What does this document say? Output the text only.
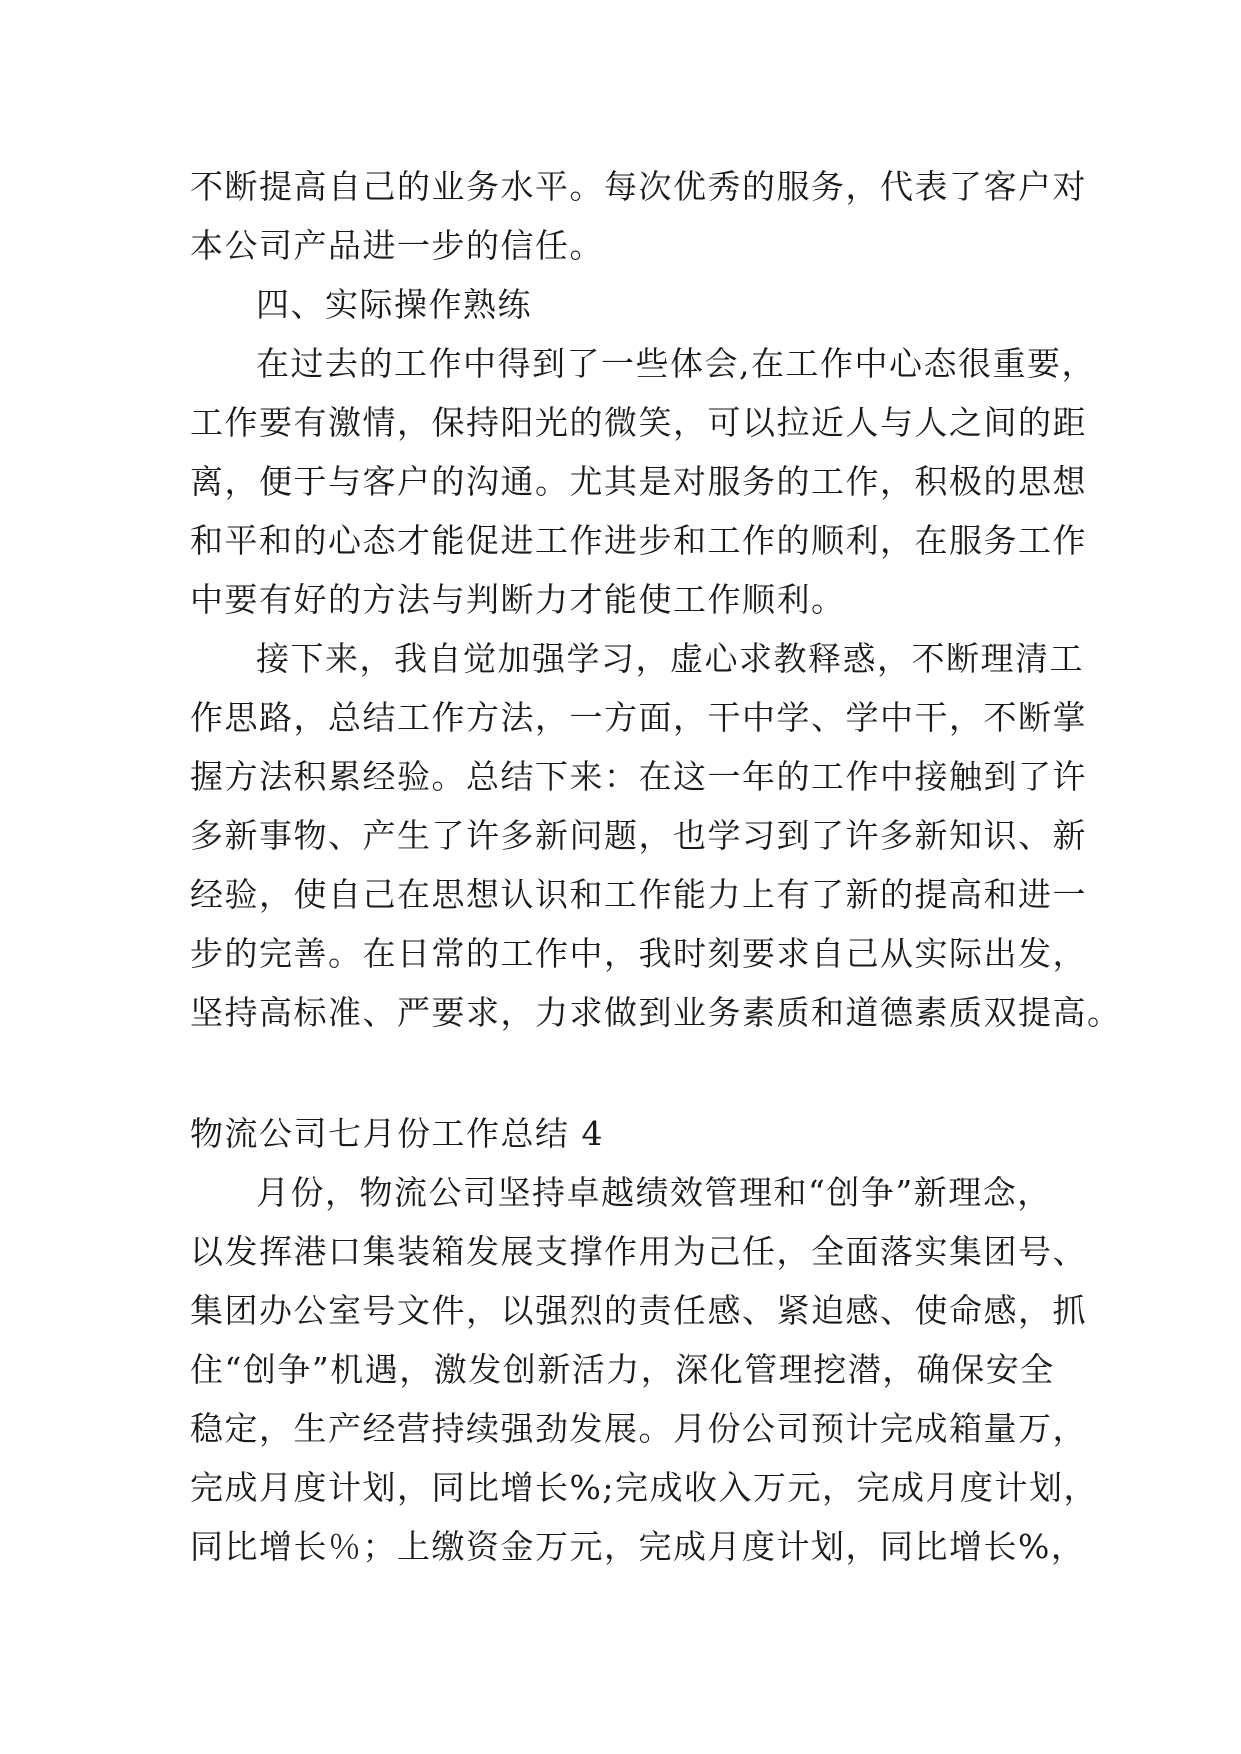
不断提高自己的业务水平。每次优秀的服务，代表了客户对
本公司产品进一步的信任。
四、实际操作熟练
在过去的工作中得到了一些体会,在工作中心态很重要，
工作要有激情，保持阳光的微笑，可以拉近人与人之间的距
离，便于与客户的沟通。尤其是对服务的工作，积极的思想
和平和的心态才能促进工作进步和工作的顺利，在服务工作
中要有好的方法与判断力才能使工作顺利。
接下来，我自觉加强学习，虚心求教释惑，不断理清工
作思路，总结工作方法，一方面，干中学、学中干，不断掌
握方法积累经验。总结下来：在这一年的工作中接触到了许
多新事物、产生了许多新问题，也学习到了许多新知识、新
经验，使自己在思想认识和工作能力上有了新的提高和进一
步的完善。在日常的工作中，我时刻要求自己从实际出发，
坚持高标准、严要求，力求做到业务素质和道德素质双提高。
物流公司七月份工作总结 4
月份，物流公司坚持卓越绩效管理和“创争”新理念，
以发挥港口集装箱发展支撑作用为己任，全面落实集团号、
集团办公室号文件，以强烈的责任感、紧迫感、使命感，抓
住“创争”机遇，激发创新活力，深化管理挖潜，确保安全
稳定，生产经营持续强劲发展。月份公司预计完成箱量万，
完成月度计划，同比增长%;完成收入万元，完成月度计划，
同比增长％；上缴资金万元，完成月度计划，同比增长%，
